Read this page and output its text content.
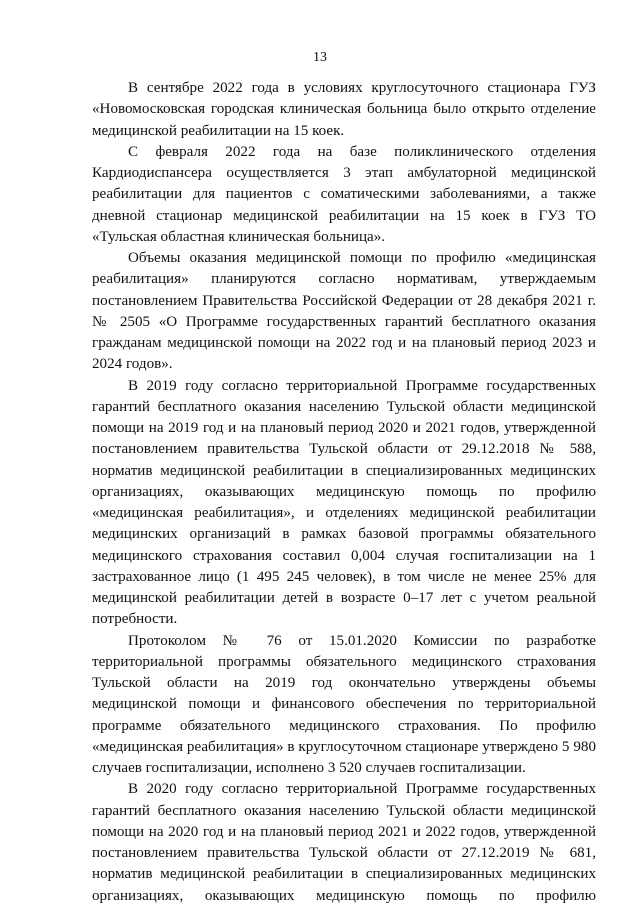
13

В сентябре 2022 года в условиях круглосуточного стационара ГУЗ «Новомосковская городская клиническая больница было открыто отделение медицинской реабилитации на 15 коек.

С февраля 2022 года на базе поликлинического отделения Кардиодиспансера осуществляется 3 этап амбулаторной медицинской реабилитации для пациентов с соматическими заболеваниями, а также дневной стационар медицинской реабилитации на 15 коек в ГУЗ ТО «Тульская областная клиническая больница».

Объемы оказания медицинской помощи по профилю «медицинская реабилитация» планируются согласно нормативам, утверждаемым постановлением Правительства Российской Федерации от 28 декабря 2021 г. № 2505 «О Программе государственных гарантий бесплатного оказания гражданам медицинской помощи на 2022 год и на плановый период 2023 и 2024 годов».

В 2019 году согласно территориальной Программе государственных гарантий бесплатного оказания населению Тульской области медицинской помощи на 2019 год и на плановый период 2020 и 2021 годов, утвержденной постановлением правительства Тульской области от 29.12.2018 № 588, норматив медицинской реабилитации в специализированных медицинских организациях, оказывающих медицинскую помощь по профилю «медицинская реабилитация», и отделениях медицинской реабилитации медицинских организаций в рамках базовой программы обязательного медицинского страхования составил 0,004 случая госпитализации на 1 застрахованное лицо (1 495 245 человек), в том числе не менее 25% для медицинской реабилитации детей в возрасте 0–17 лет с учетом реальной потребности.

Протоколом № 76 от 15.01.2020 Комиссии по разработке территориальной программы обязательного медицинского страхования Тульской области на 2019 год окончательно утверждены объемы медицинской помощи и финансового обеспечения по территориальной программе обязательного медицинского страхования. По профилю «медицинская реабилитация» в круглосуточном стационаре утверждено 5 980 случаев госпитализации, исполнено 3 520 случаев госпитализации.

В 2020 году согласно территориальной Программе государственных гарантий бесплатного оказания населению Тульской области медицинской помощи на 2020 год и на плановый период 2021 и 2022 годов, утвержденной постановлением правительства Тульской области от 27.12.2019 № 681, норматив медицинской реабилитации в специализированных медицинских организациях, оказывающих медицинскую помощь по профилю
